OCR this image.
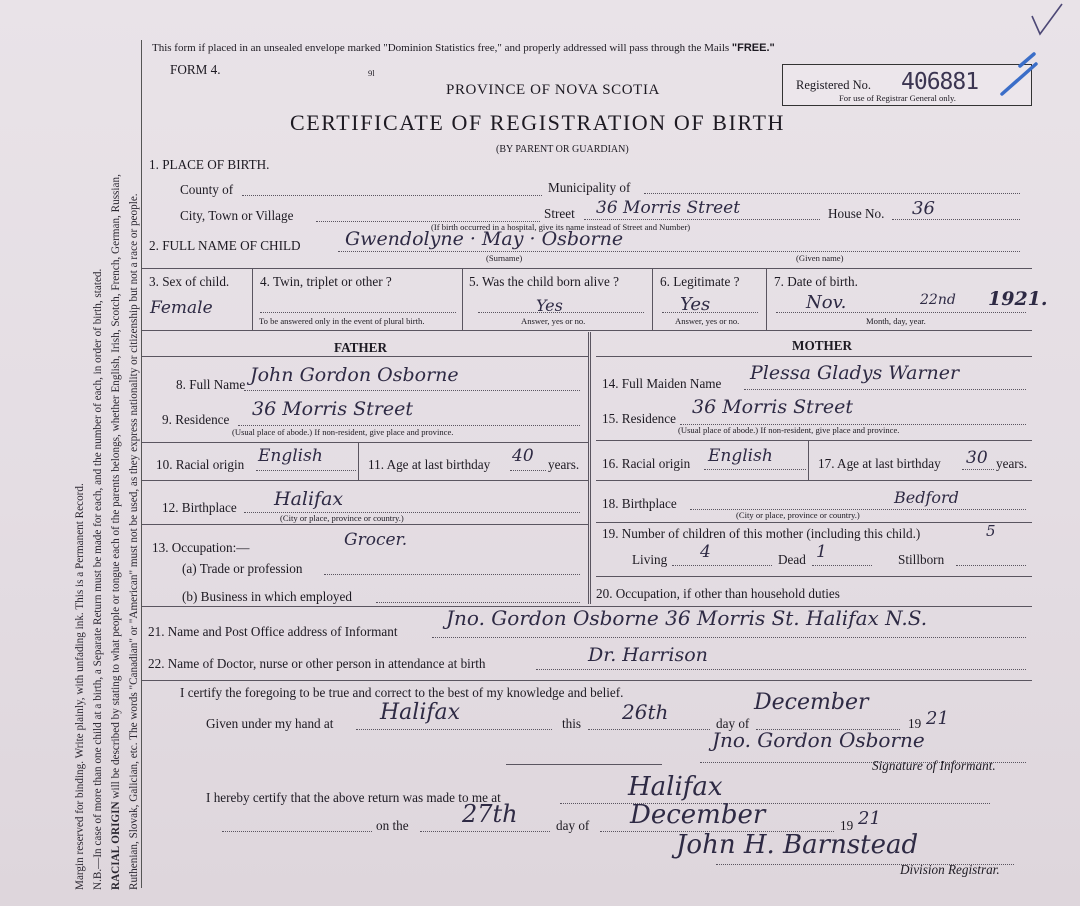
Margin reserved for binding. Write plainly, with unfading ink. This is a Permanent Record. N.B.—In case of more than one child at a birth, a Separate Return must be made for each, and the number of each, in order of birth, stated. RACIAL ORIGIN will be described by stating to what people or tongue each of the parents belongs, whether English, Irish, Scotch, French, German, Russian, Ruthenian, Slovak, Galician, etc. The words "Canadian" or "American" must not be used, as they express nationality or citizenship but not a race or people.
This form if placed in an unsealed envelope marked "Dominion Statistics free," and properly addressed will pass through the Mails "FREE."
FORM 4.	9l
PROVINCE OF NOVA SCOTIA
CERTIFICATE OF REGISTRATION OF BIRTH
(BY PARENT OR GUARDIAN)
Registered No. 406881
For use of Registrar General only.
1. PLACE OF BIRTH.
County of	Municipality of
City, Town or Village	Street 36 Morris Street	House No. 36
(If birth occurred in a hospital, give its name instead of Street and Number)
2. FULL NAME OF CHILD Gwendolyne · May · Osborne
(Surname)	(Given name)
3. Sex of child.
Female
4. Twin, triplet or other ?
To be answered only in the event of plural birth.
5. Was the child born alive ?
Yes
Answer, yes or no.
6. Legitimate ?
Yes
Answer, yes or no.
7. Date of birth.
Nov.	22nd 1921.
Month, day, year.
FATHER	MOTHER
8. Full Name John Gordon Osborne
9. Residence 36 Morris Street
(Usual place of abode.) If non-resident, give place and province.
10. Racial origin English	11. Age at last birthday 40 years.
12. Birthplace Halifax
(City or place, province or country.)
13. Occupation:—	Grocer.
(a) Trade or profession
(b) Business in which employed
14. Full Maiden Name Plessa Gladys Warner
15. Residence
36 Morris Street
(Usual place of abode.) If non-resident, give place and province.
16. Racial origin English	17. Age at last birthday 30 years.
18. Birthplace	Bedford
(City or place, province or country.)
19. Number of children of this mother (including this child.)	5
Living 4	Dead 1	Stillborn
20. Occupation, if other than household duties
21. Name and Post Office address of Informant
Jno. Gordon Osborne 36 Morris St. Halifax N.S.
22. Name of Doctor, nurse or other person in attendance at birth	Dr. Harrison
I certify the foregoing to be true and correct to the best of my knowledge and belief.
Given under my hand at Halifax	this 26th	day of
December
19 21
Jno. Gordon Osborne
Signature of Informant.
I hereby certify that the above return was made to me at	Halifax
on the 27th	day of December	19 21
John H. Barnstead
Division Registrar.
